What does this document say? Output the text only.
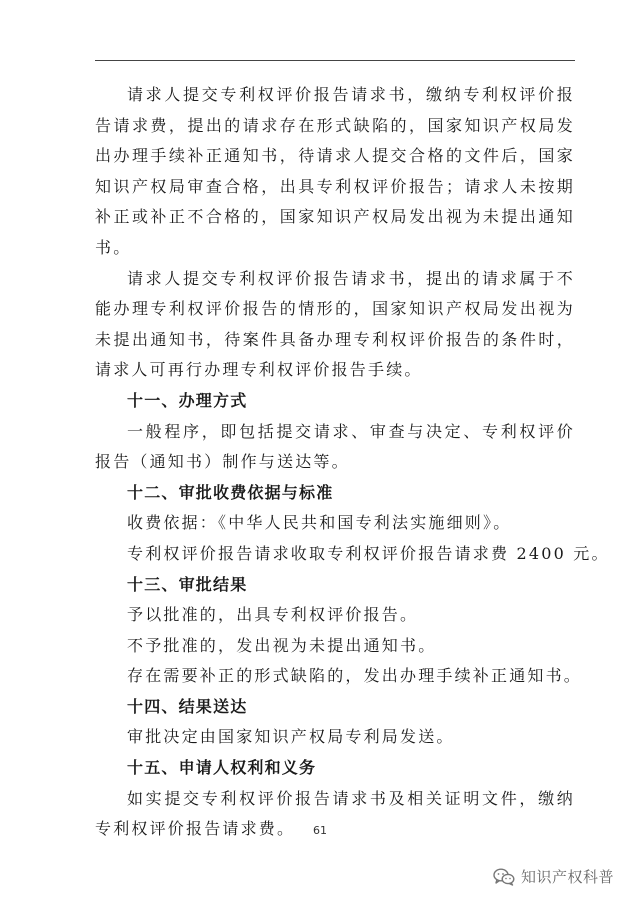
请求人提交专利权评价报告请求书，缴纳专利权评价报告请求费，提出的请求存在形式缺陷的，国家知识产权局发出办理手续补正通知书，待请求人提交合格的文件后，国家知识产权局审查合格，出具专利权评价报告；请求人未按期补正或补正不合格的，国家知识产权局发出视为未提出通知书。

请求人提交专利权评价报告请求书，提出的请求属于不能办理专利权评价报告的情形的，国家知识产权局发出视为未提出通知书，待案件具备办理专利权评价报告的条件时，请求人可再行办理专利权评价报告手续。

十一、办理方式

一般程序，即包括提交请求、审查与决定、专利权评价报告（通知书）制作与送达等。

十二、审批收费依据与标准

收费依据：《中华人民共和国专利法实施细则》。

专利权评价报告请求收取专利权评价报告请求费 2400 元。

十三、审批结果

予以批准的，出具专利权评价报告。

不予批准的，发出视为未提出通知书。

存在需要补正的形式缺陷的，发出办理手续补正通知书。

十四、结果送达

审批决定由国家知识产权局专利局发送。

十五、申请人权利和义务

如实提交专利权评价报告请求书及相关证明文件，缴纳专利权评价报告请求费。	61
知识产权科普
